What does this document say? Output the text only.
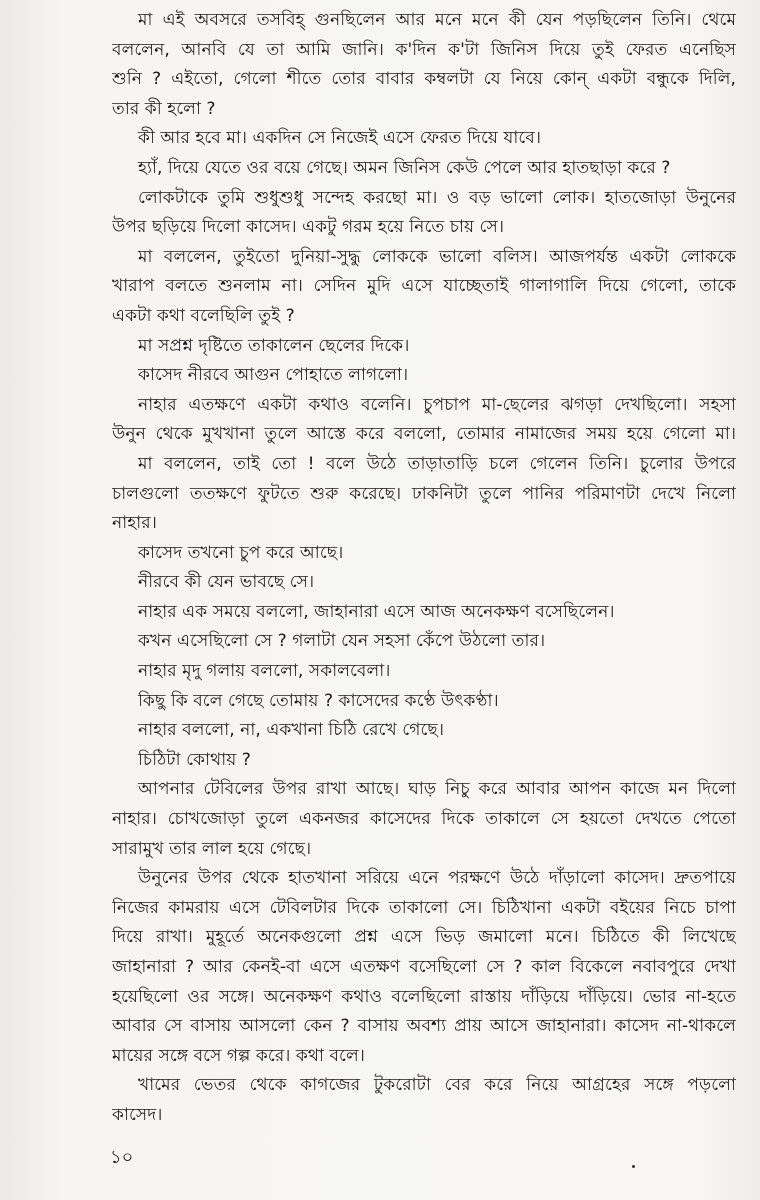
মা এই অবসরে তসবিহ্‌ গুনছিলেন আর মনে মনে কী যেন পড়ছিলেন তিনি। থেমে

বললেন, আনবি যে তা আমি জানি। ক'দিন ক'টা জিনিস দিয়ে তুই ফেরত এনেছিস

শুনি ? এইতো, গেলো শীতে তোর বাবার কম্বলটা যে নিয়ে কোন্‌ একটা বন্ধুকে দিলি,

তার কী হলো ?

কী আর হবে মা। একদিন সে নিজেই এসে ফেরত দিয়ে যাবে।

হ্যাঁ, দিয়ে যেতে ওর বয়ে গেছে। অমন জিনিস কেউ পেলে আর হাতছাড়া করে ?

লোকটাকে তুমি শুধুশুধু সন্দেহ করছো মা। ও বড় ভালো লোক। হাতজোড়া উনুনের

উপর ছড়িয়ে দিলো কাসেদ। একটু গরম হয়ে নিতে চায় সে।

মা বললেন, তুইতো দুনিয়া-সুদ্ধু লোককে ভালো বলিস। আজপর্যন্ত একটা লোককে

খারাপ বলতে শুনলাম না। সেদিন মুদি এসে যাচ্ছেতাই গালাগালি দিয়ে গেলো, তাকে

একটা কথা বলেছিলি তুই ?

মা সপ্রশ্ন দৃষ্টিতে তাকালেন ছেলের দিকে।

কাসেদ নীরবে আগুন পোহাতে লাগলো।

নাহার এতক্ষণে একটা কথাও বলেনি। চুপচাপ মা-ছেলের ঝগড়া দেখছিলো। সহসা

উনুন থেকে মুখখানা তুলে আস্তে করে বললো, তোমার নামাজের সময় হয়ে গেলো মা।

মা বললেন, তাই তো ! বলে উঠে তাড়াতাড়ি চলে গেলেন তিনি। চুলোর উপরে

চালগুলো ততক্ষণে ফুটতে শুরু করেছে। ঢাকনিটা তুলে পানির পরিমাণটা দেখে নিলো

নাহার।

কাসেদ তখনো চুপ করে আছে।

নীরবে কী যেন ভাবছে সে।

নাহার এক সময়ে বললো, জাহানারা এসে আজ অনেকক্ষণ বসেছিলেন।

কখন এসেছিলো সে ? গলাটা যেন সহসা কেঁপে উঠলো তার।

নাহার মৃদু গলায় বললো, সকালবেলা।

কিছু কি বলে গেছে তোমায় ? কাসেদের কণ্ঠে উৎকণ্ঠা।

নাহার বললো, না, একখানা চিঠি রেখে গেছে।

চিঠিটা কোথায় ?

আপনার টেবিলের উপর রাখা আছে। ঘাড় নিচু করে আবার আপন কাজে মন দিলো

নাহার। চোখজোড়া তুলে একনজর কাসেদের দিকে তাকালে সে হয়তো দেখতে পেতো

সারামুখ তার লাল হয়ে গেছে।

উনুনের উপর থেকে হাতখানা সরিয়ে এনে পরক্ষণে উঠে দাঁড়ালো কাসেদ। দ্রুতপায়ে

নিজের কামরায় এসে টেবিলটার দিকে তাকালো সে। চিঠিখানা একটা বইয়ের নিচে চাপা

দিয়ে রাখা। মুহূর্তে অনেকগুলো প্রশ্ন এসে ভিড় জমালো মনে। চিঠিতে কী লিখেছে

জাহানারা ? আর কেনই-বা এসে এতক্ষণ বসেছিলো সে ? কাল বিকেলে নবাবপুরে দেখা

হয়েছিলো ওর সঙ্গে। অনেকক্ষণ কথাও বলেছিলো রাস্তায় দাঁড়িয়ে দাঁড়িয়ে। ভোর না-হতে

আবার সে বাসায় আসলো কেন ? বাসায় অবশ্য প্রায় আসে জাহানারা। কাসেদ না-থাকলে

মায়ের সঙ্গে বসে গল্প করে। কথা বলে।

খামের ভেতর থেকে কাগজের টুকরোটা বের করে নিয়ে আগ্রহের সঙ্গে পড়লো

কাসেদ।

১০
